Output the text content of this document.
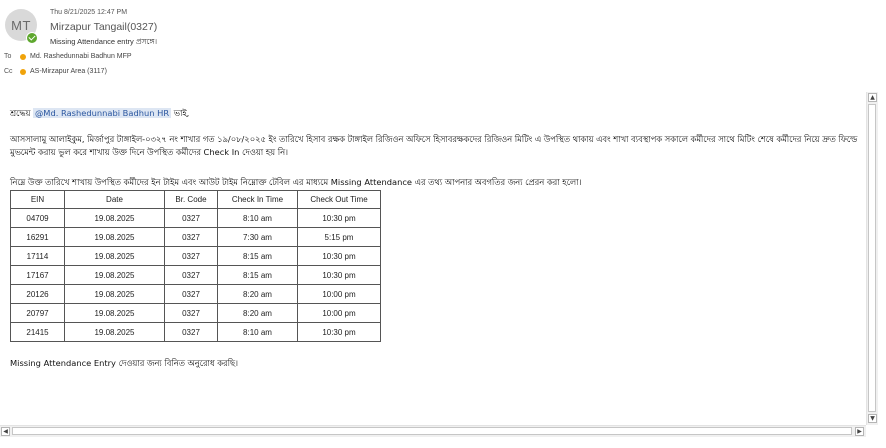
MT
Thu 8/21/2025 12:47 PM
Mirzapur Tangail(0327)
Missing Attendance entry প্রসঙ্গে।
To	Md. Rashedunnabi Badhun MFP
Cc	AS-Mirzapur Area (3117)

শ্রদ্ধেয় @Md. Rashedunnabi Badhun HR ভাই,

আসসালামু আলাইকুম, মির্জাপুর টাঙ্গাইল-০৩২৭ নং শাখার গত ১৯/০৮/২০২৫ ইং তারিখে হিসাব রক্ষক টাঙ্গাইল রিজিওন অফিসে হিসাবরক্ষকদের রিজিওন মিটিং এ উপস্থিত থাকায় এবং শাখা ব্যবস্থাপক সকালে কর্মীদের সাথে মিটিং শেষে কর্মীদের নিয়ে দ্রুত ফিল্ডে মুভমেন্ট করায় ভুল করে শাখায় উক্ত দিনে উপস্থিত কর্মীদের Check In দেওয়া হয় নি।

নিম্নে উক্ত তারিখে শাখায় উপস্থিত কর্মীদের ইন টাইম এবং আউট টাইম নিম্নোক্ত টেবিল এর মাধ্যমে Missing Attendance এর তথ্য আপনার অবগতির জন্য প্রেরন করা হলো।

EIN	Date	Br. Code	Check In Time	Check Out Time
04709	19.08.2025	0327	8:10 am	10:30 pm
16291	19.08.2025	0327	7:30 am	5:15 pm
17114	19.08.2025	0327	8:15 am	10:30 pm
17167	19.08.2025	0327	8:15 am	10:30 pm
20126	19.08.2025	0327	8:20 am	10:00 pm
20797	19.08.2025	0327	8:20 am	10:00 pm
21415	19.08.2025	0327	8:10 am	10:30 pm

Missing Attendance Entry দেওয়ার জন্য বিনিত অনুরোধ করছি।

▲
▼
◀	▶
